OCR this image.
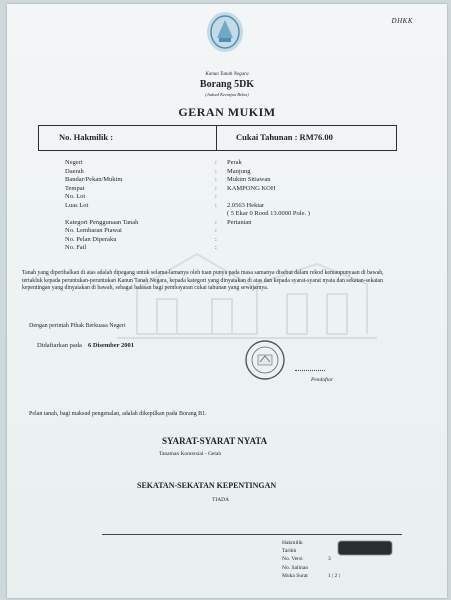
DHKK
Kanun Tanah Negara
Borang 5DK
(Jadual Keempat Belas)
GERAN MUKIM
No. Hakmilik :	Cukai Tahunan : RM76.00
Negeri	: Perak
Daerah	: Manjung
Bandar/Pekan/Mukim	: Mukim Sitiawan
Tempat	: KAMPONG KOH
No. Lot	:
Luas Lot	: 2.0563 Hektar
( 5 Ekar 0 Rood 13.0000 Pole. )
Kategori Penggunaan Tanah	: Pertanian
No. Lembaran Piawai	:
No. Pelan Diperaku	:
No. Fail	:
Tanah yang diperihalkan di atas adalah dipegang untuk selama-lamanya oleh tuan punya pada masa samanya disebut dalam rekod kemaupunyaan di bawah, tertakluk kepada peruntukan-peruntukan Kanun Tanah Negara, kepada kategori yang dinyatakan di atas dan kepada syarat-syarat nyata dan sekatan-sekatan kepentingan yang dinyatakan di bawah, sebagai balasan bagi pembayaran cukai tahunan yang sewajarnya.
Dengan perintah Pihak Berkuasa Negeri
Didaftarkan pada 6 Disember 2001
Pendaftar
Pelan tanah, bagi maksud pengenalan, adalah dikepilkan pada Borang B1.
SYARAT-SYARAT NYATA
Tanaman Komersial - Getah
SEKATAN-SEKATAN KEPENTINGAN
TIADA
Hakmilik
Tarikh
No. Versi	3
No. Salinan
Muka Surat	1 | 2 |
